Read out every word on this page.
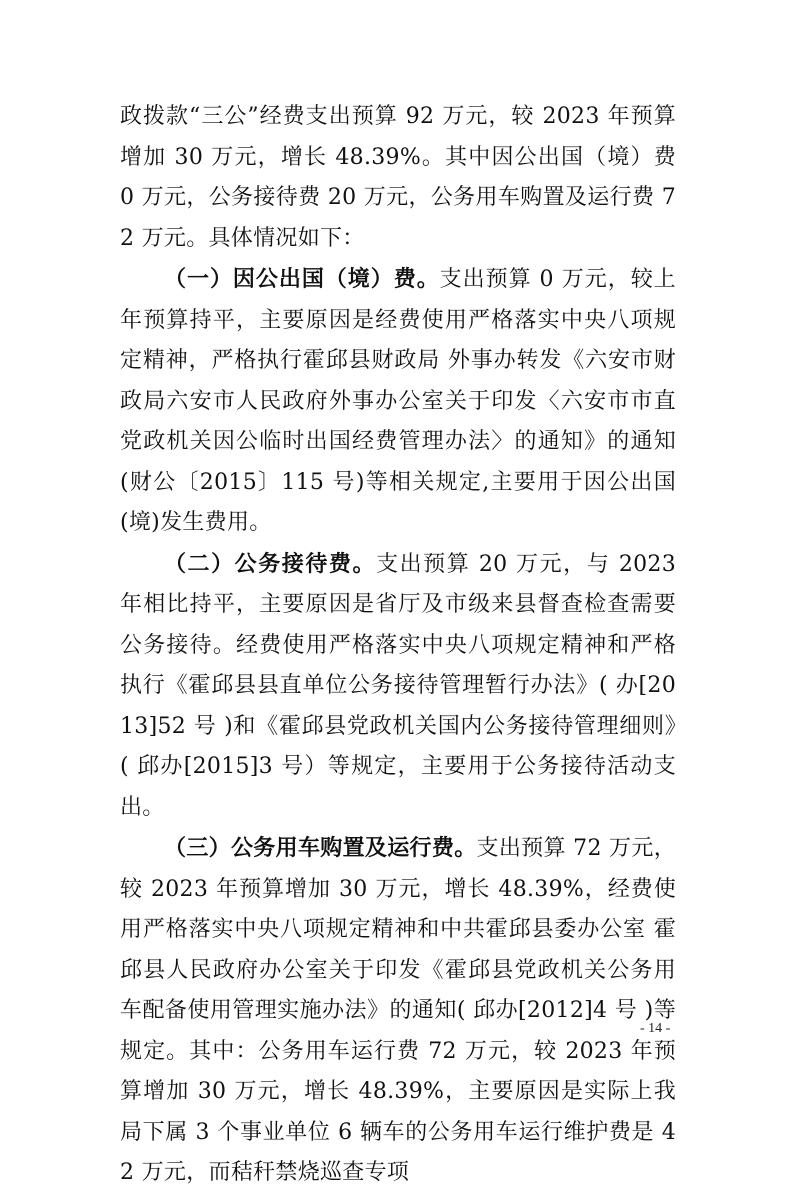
政拨款“三公”经费支出预算 92 万元，较 2023 年预算增加 30 万元，增长 48.39%。其中因公出国（境）费 0 万元，公务接待费 20 万元，公务用车购置及运行费 72 万元。具体情况如下：

（一）因公出国（境）费。支出预算 0 万元，较上年预算持平，主要原因是经费使用严格落实中央八项规定精神，严格执行霍邱县财政局 外事办转发《六安市财政局六安市人民政府外事办公室关于印发〈六安市市直党政机关因公临时出国经费管理办法〉的通知》的通知(财公〔2015〕115 号)等相关规定,主要用于因公出国(境)发生费用。

（二）公务接待费。支出预算 20 万元，与 2023 年相比持平，主要原因是省厅及市级来县督查检查需要公务接待。经费使用严格落实中央八项规定精神和严格执行《霍邱县县直单位公务接待管理暂行办法》( 办[2013]52 号 )和《霍邱县党政机关国内公务接待管理细则》( 邱办[2015]3 号）等规定，主要用于公务接待活动支出。

（三）公务用车购置及运行费。支出预算 72 万元，较 2023 年预算增加 30 万元，增长 48.39%，经费使用严格落实中央八项规定精神和中共霍邱县委办公室 霍邱县人民政府办公室关于印发《霍邱县党政机关公务用车配备使用管理实施办法》的通知( 邱办[2012]4 号 )等规定。其中：公务用车运行费 72 万元，较 2023 年预算增加 30 万元，增长 48.39%，主要原因是实际上我局下属 3 个事业单位 6 辆车的公务用车运行维护费是 42 万元，而秸秆禁烧巡查专项

- 14 -
